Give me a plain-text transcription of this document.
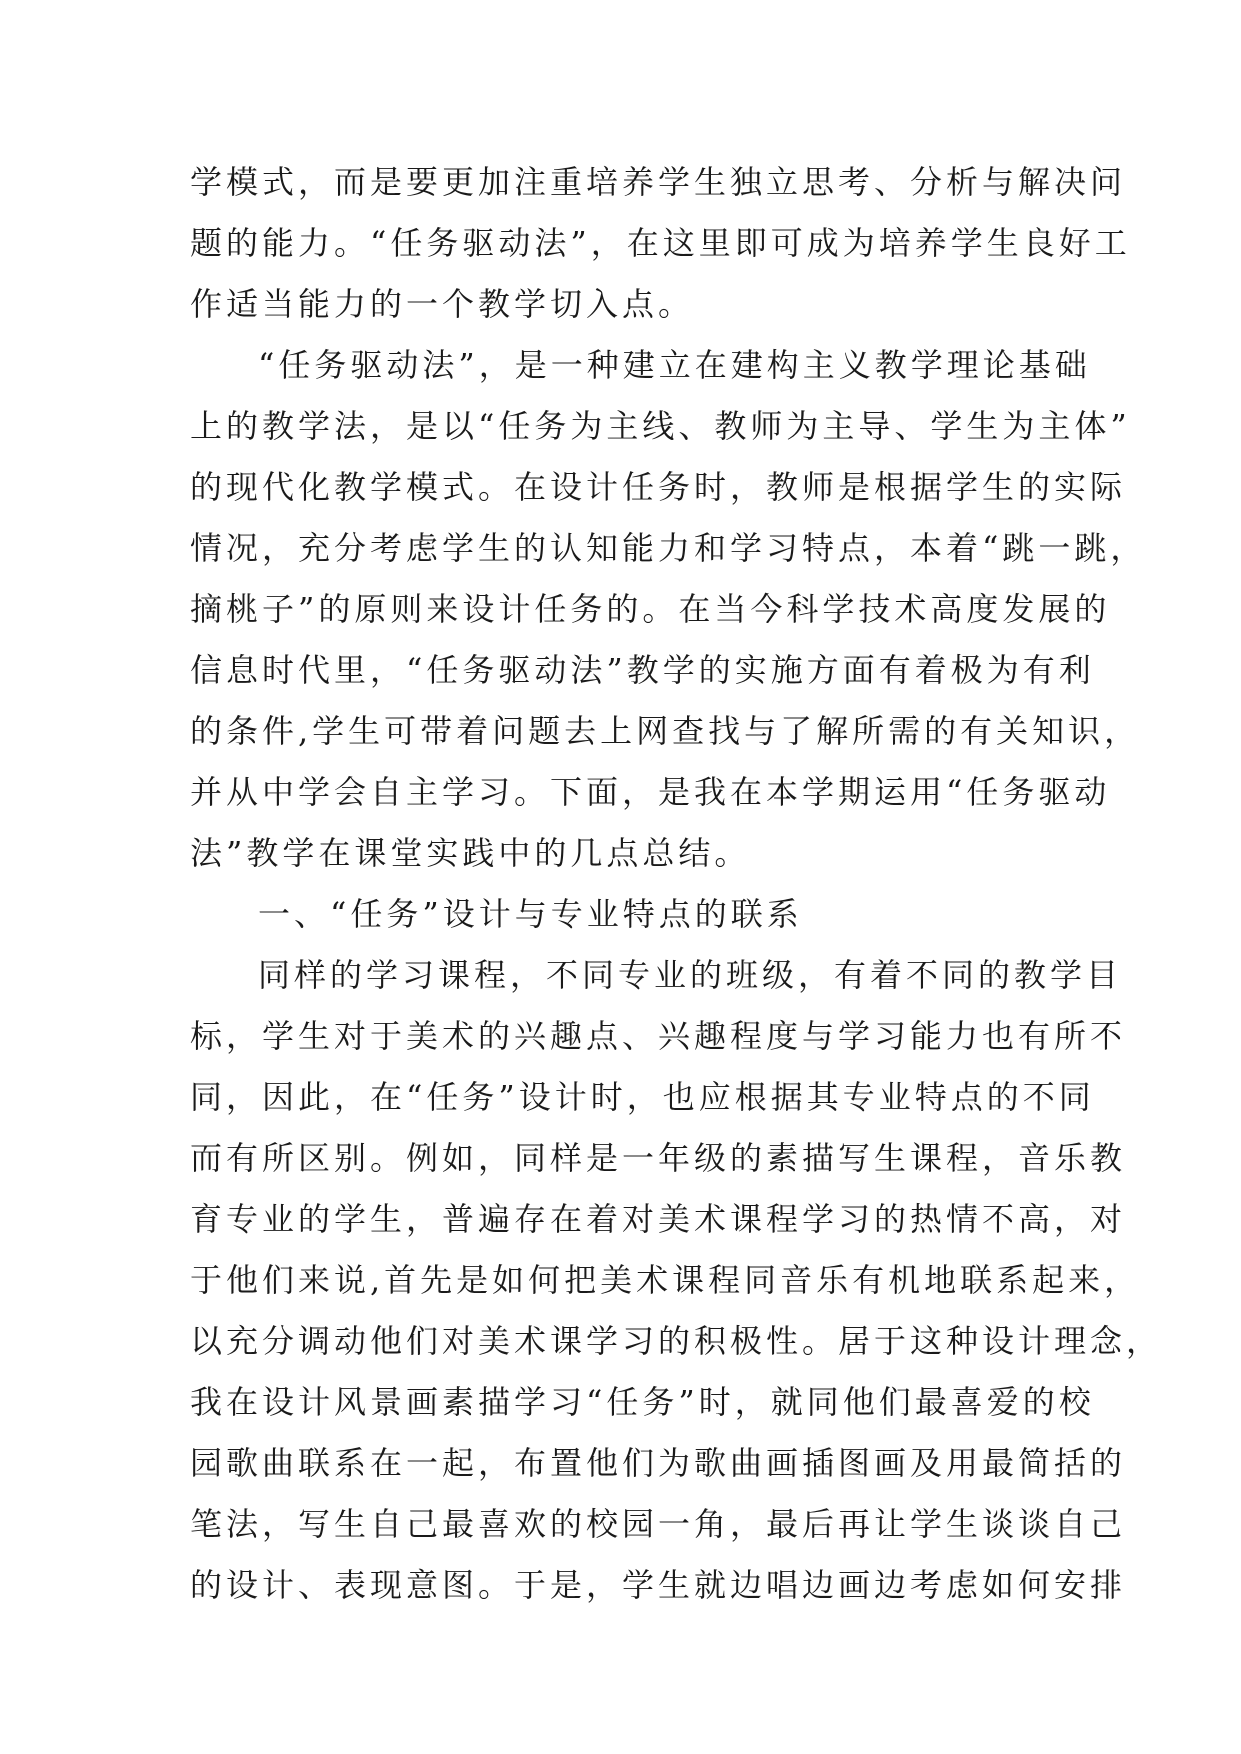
学模式，而是要更加注重培养学生独立思考、分析与解决问
题的能力。“任务驱动法”，在这里即可成为培养学生良好工
作适当能力的一个教学切入点。
“任务驱动法”，是一种建立在建构主义教学理论基础
上的教学法，是以“任务为主线、教师为主导、学生为主体”
的现代化教学模式。在设计任务时，教师是根据学生的实际
情况，充分考虑学生的认知能力和学习特点，本着“跳一跳，
摘桃子”的原则来设计任务的。在当今科学技术高度发展的
信息时代里，“任务驱动法”教学的实施方面有着极为有利
的条件,学生可带着问题去上网查找与了解所需的有关知识，
并从中学会自主学习。下面，是我在本学期运用“任务驱动
法”教学在课堂实践中的几点总结。
一、“任务”设计与专业特点的联系
同样的学习课程，不同专业的班级，有着不同的教学目
标，学生对于美术的兴趣点、兴趣程度与学习能力也有所不
同，因此，在“任务”设计时，也应根据其专业特点的不同
而有所区别。例如，同样是一年级的素描写生课程，音乐教
育专业的学生，普遍存在着对美术课程学习的热情不高，对
于他们来说,首先是如何把美术课程同音乐有机地联系起来，
以充分调动他们对美术课学习的积极性。居于这种设计理念，
我在设计风景画素描学习“任务”时，就同他们最喜爱的校
园歌曲联系在一起，布置他们为歌曲画插图画及用最简括的
笔法，写生自己最喜欢的校园一角，最后再让学生谈谈自己
的设计、表现意图。于是，学生就边唱边画边考虑如何安排
